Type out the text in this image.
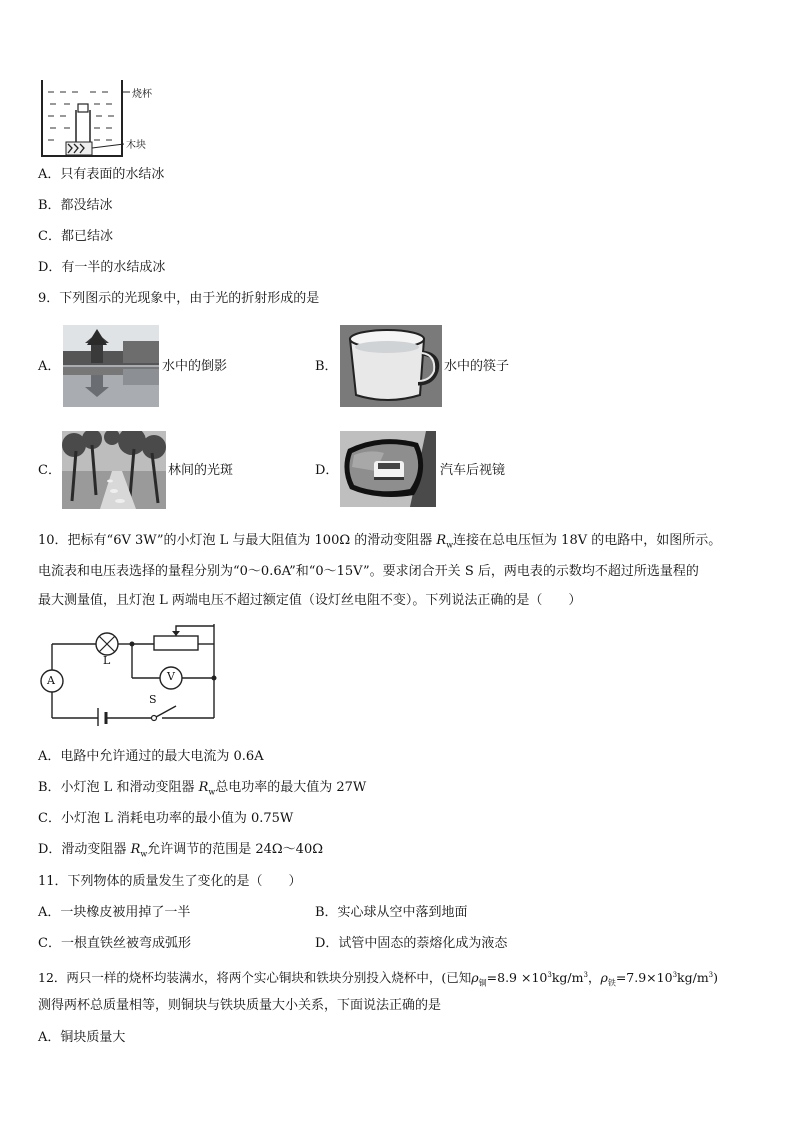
烧杯
木块
A．只有表面的水结冰
B．都没结冰
C．都已结冰
D．有一半的水结成冰
9．下列图示的光现象中，由于光的折射形成的是
A．	水中的倒影	B．	水中的筷子
C．	林间的光斑	D．	汽车后视镜
10．把标有“6V 3W”的小灯泡 L 与最大阻值为 100Ω 的滑动变阻器 $R_w$连接在总电压恒为 18V 的电路中，如图所示。
电流表和电压表选择的量程分别为“0～0.6A”和“0～15V”。要求闭合开关 S 后，两电表的示数均不超过所选量程的
最大测量值，且灯泡 L 两端电压不超过额定值（设灯丝电阻不变）。下列说法正确的是（　　）
A
L
V
S
A．电路中允许通过的最大电流为 0.6A
B．小灯泡 L 和滑动变阻器 $R_w$总电功率的最大值为 27W
C．小灯泡 L 消耗电功率的最小值为 0.75W
D．滑动变阻器 $R_w$允许调节的范围是 24Ω～40Ω
11．下列物体的质量发生了变化的是（　　）
A．一块橡皮被用掉了一半	B．实心球从空中落到地面
C．一根直铁丝被弯成弧形	D．试管中固态的萘熔化成为液态
12．两只一样的烧杯均装满水，将两个实心铜块和铁块分别投入烧杯中，(已知$\rho_铜=8.9 \times 10^3kg/m^3$，$\rho_铁=7.9\times 10^3kg/m^3$)
测得两杯总质量相等，则铜块与铁块质量大小关系，下面说法正确的是
A．铜块质量大
